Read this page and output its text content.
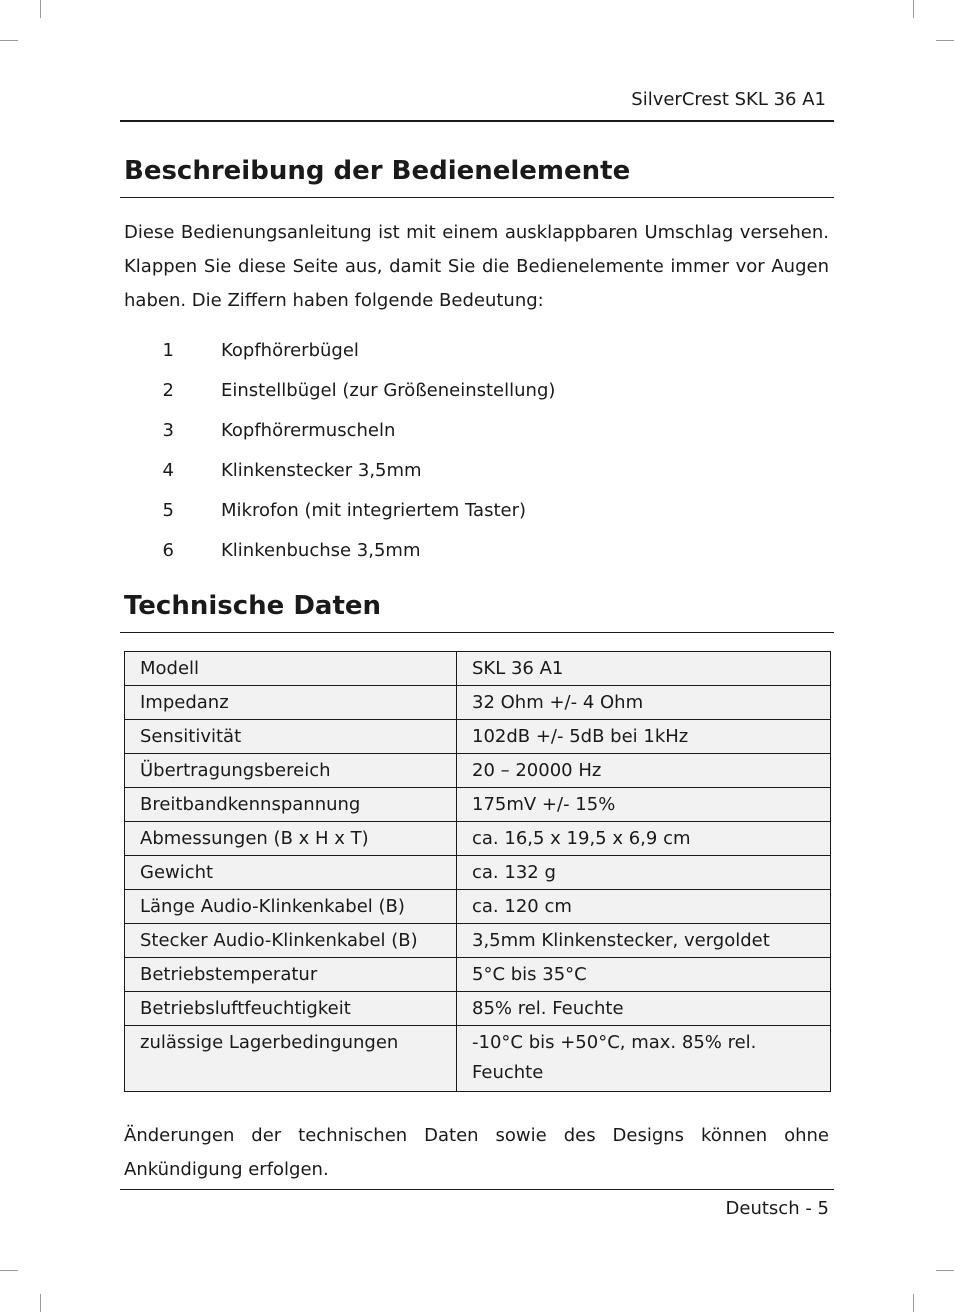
SilverCrest SKL 36 A1
Beschreibung der Bedienelemente

Diese Bedienungsanleitung ist mit einem ausklappbaren Umschlag versehen. Klappen Sie diese Seite aus, damit Sie die Bedienelemente immer vor Augen haben. Die Ziffern haben folgende Bedeutung:

1	Kopfhörerbügel
2	Einstellbügel (zur Größeneinstellung)
3	Kopfhörermuscheln
4	Klinkenstecker 3,5mm
5	Mikrofon (mit integriertem Taster)
6	Klinkenbuchse 3,5mm
Technische Daten
Modell	SKL 36 A1
Impedanz	32 Ohm +/- 4 Ohm
Sensitivität	102dB +/- 5dB bei 1kHz
Übertragungsbereich	20 – 20000 Hz
Breitbandkennspannung	175mV +/- 15%
Abmessungen (B x H x T)	ca. 16,5 x 19,5 x 6,9 cm
Gewicht	ca. 132 g
Länge Audio-Klinkenkabel (B)	ca. 120 cm
Stecker Audio-Klinkenkabel (B)	3,5mm Klinkenstecker, vergoldet
Betriebstemperatur	5°C bis 35°C
Betriebsluftfeuchtigkeit	85% rel. Feuchte
zulässige Lagerbedingungen	-10°C bis +50°C, max. 85% rel. Feuchte

Änderungen der technischen Daten sowie des Designs können ohne Ankündigung erfolgen.

Deutsch - 5
